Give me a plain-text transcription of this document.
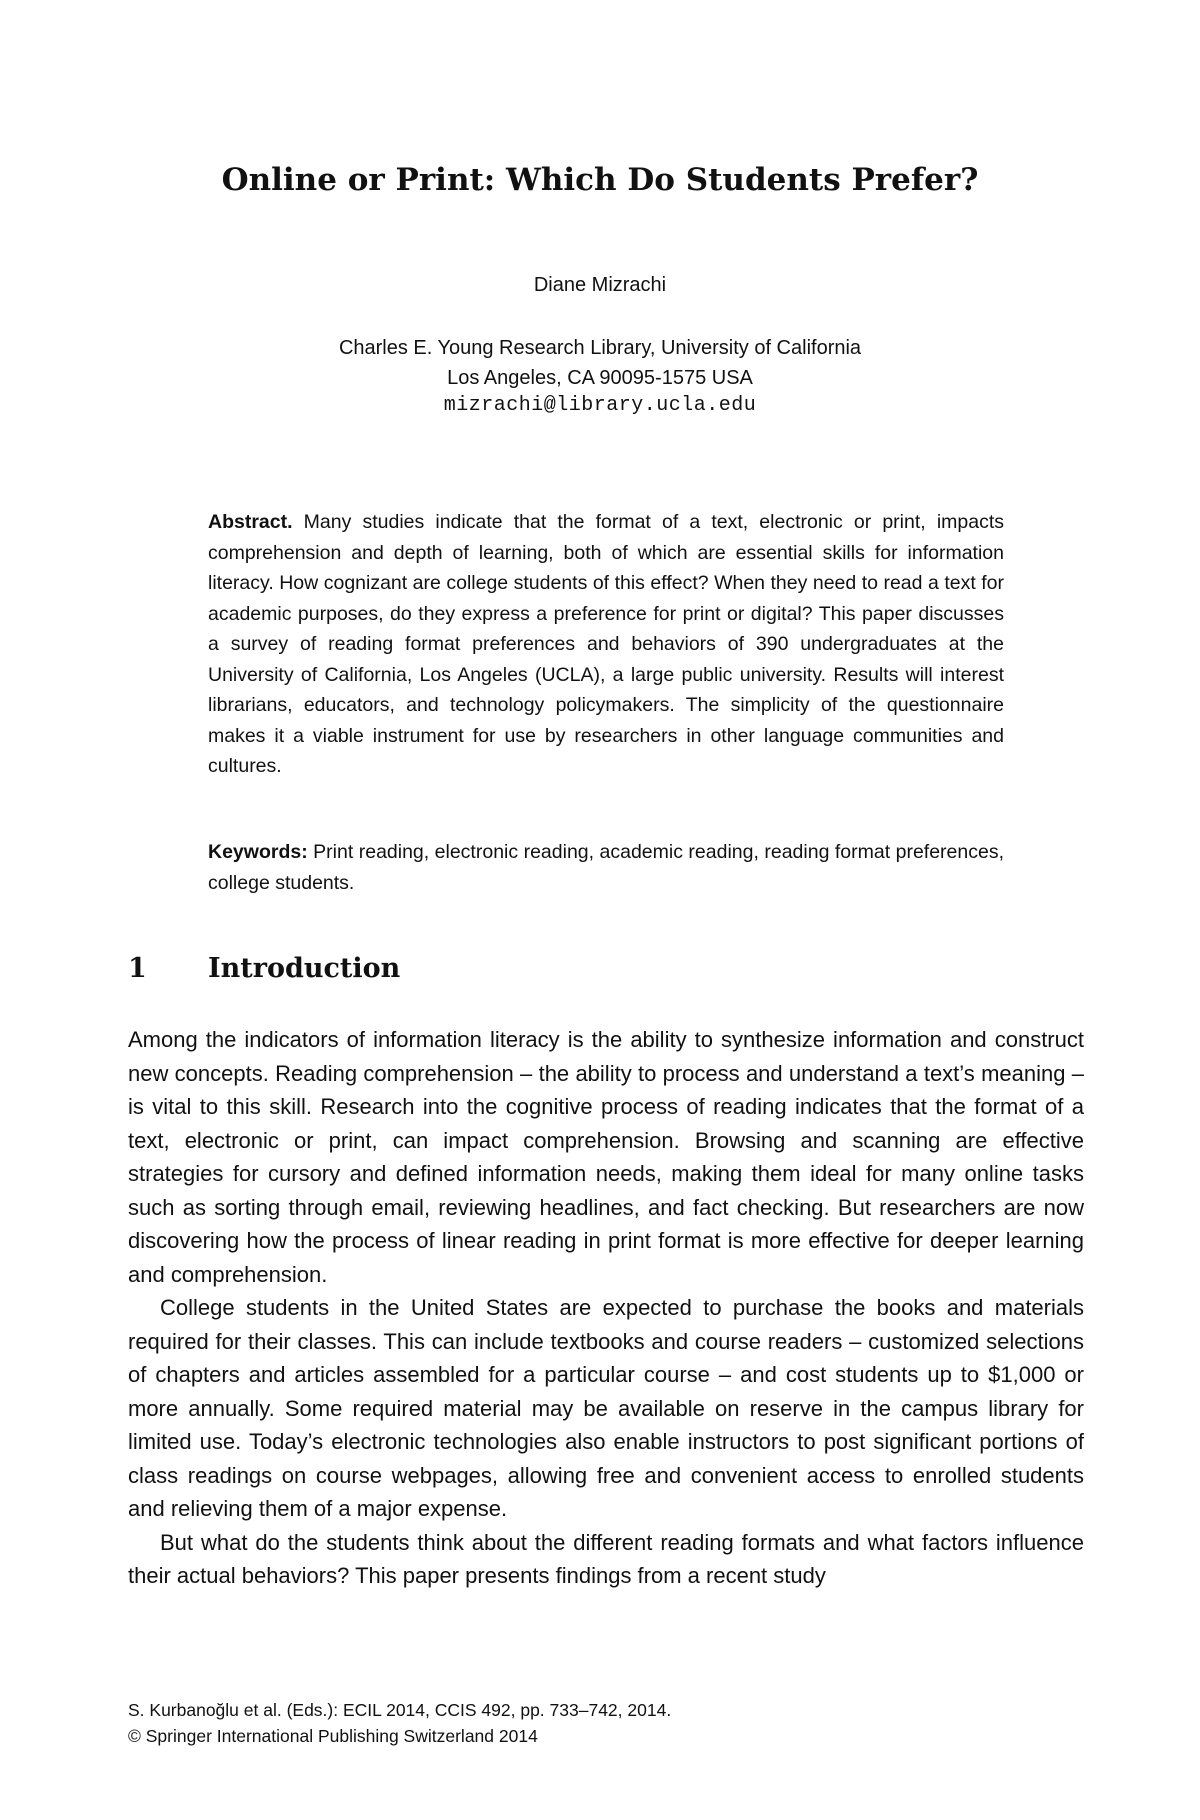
Online or Print: Which Do Students Prefer?
Diane Mizrachi
Charles E. Young Research Library, University of California
Los Angeles, CA 90095-1575 USA
mizrachi@library.ucla.edu
Abstract. Many studies indicate that the format of a text, electronic or print, impacts comprehension and depth of learning, both of which are essential skills for information literacy. How cognizant are college students of this effect? When they need to read a text for academic purposes, do they express a preference for print or digital? This paper discusses a survey of reading format preferences and behaviors of 390 undergraduates at the University of California, Los Angeles (UCLA), a large public university. Results will interest librarians, educators, and technology policymakers. The simplicity of the questionnaire makes it a viable instrument for use by researchers in other language communities and cultures.
Keywords: Print reading, electronic reading, academic reading, reading format preferences, college students.
1 Introduction

Among the indicators of information literacy is the ability to synthesize information and construct new concepts. Reading comprehension – the ability to process and understand a text’s meaning – is vital to this skill. Research into the cognitive process of reading indicates that the format of a text, electronic or print, can impact comprehension. Browsing and scanning are effective strategies for cursory and defined information needs, making them ideal for many online tasks such as sorting through email, reviewing headlines, and fact checking. But researchers are now discovering how the process of linear reading in print format is more effective for deeper learning and comprehension.

College students in the United States are expected to purchase the books and materials required for their classes. This can include textbooks and course readers – customized selections of chapters and articles assembled for a particular course – and cost students up to $1,000 or more annually. Some required material may be available on reserve in the campus library for limited use. Today’s electronic technologies also enable instructors to post significant portions of class readings on course webpages, allowing free and convenient access to enrolled students and relieving them of a major expense.

But what do the students think about the different reading formats and what factors influence their actual behaviors? This paper presents findings from a recent study

S. Kurbanoğlu et al. (Eds.): ECIL 2014, CCIS 492, pp. 733–742, 2014.
© Springer International Publishing Switzerland 2014
